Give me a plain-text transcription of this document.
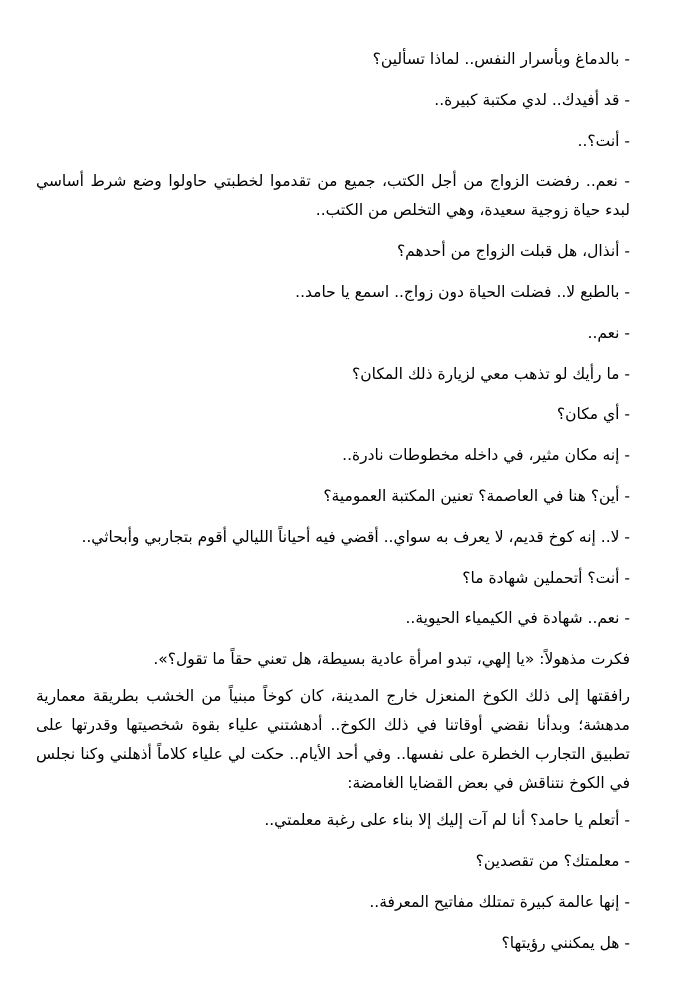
- بالدماغ وبأسرار النفس.. لماذا تسألين؟

- قد أفيدك.. لدي مكتبة كبيرة..

- أنت؟..

- نعم.. رفضت الزواج من أجل الكتب، جميع من تقدموا لخطبتي حاولوا وضع شرط أساسي لبدء حياة زوجية سعيدة، وهي التخلص من الكتب..

- أنذال، هل قبلت الزواج من أحدهم؟

- بالطبع لا.. فضلت الحياة دون زواج.. اسمع يا حامد..

- نعم..

- ما رأيك لو تذهب معي لزيارة ذلك المكان؟

- أي مكان؟

- إنه مكان مثير، في داخله مخطوطات نادرة..

- أين؟ هنا في العاصمة؟ تعنين المكتبة العمومية؟

- لا.. إنه كوخ قديم، لا يعرف به سواي.. أقضي فيه أحياناً الليالي أقوم بتجاربي وأبحاثي..

- أنت؟ أتحملين شهادة ما؟

- نعم.. شهادة في الكيمياء الحيوية..

فكرت مذهولاً: «يا إلهي، تبدو امرأة عادية بسيطة، هل تعني حقاً ما تقول؟».

رافقتها إلى ذلك الكوخ المنعزل خارج المدينة، كان كوخاً مبنياً من الخشب بطريقة معمارية مدهشة؛ وبدأنا نقضي أوقاتنا في ذلك الكوخ.. أدهشتني علياء بقوة شخصيتها وقدرتها على تطبيق التجارب الخطرة على نفسها.. وفي أحد الأيام.. حكت لي علياء كلاماً أذهلني وكنا نجلس في الكوخ نتناقش في بعض القضايا الغامضة:

- أتعلم يا حامد؟ أنا لم آت إليك إلا بناء على رغبة معلمتي..

- معلمتك؟ من تقصدين؟

- إنها عالمة كبيرة تمتلك مفاتيح المعرفة..

- هل يمكنني رؤيتها؟
